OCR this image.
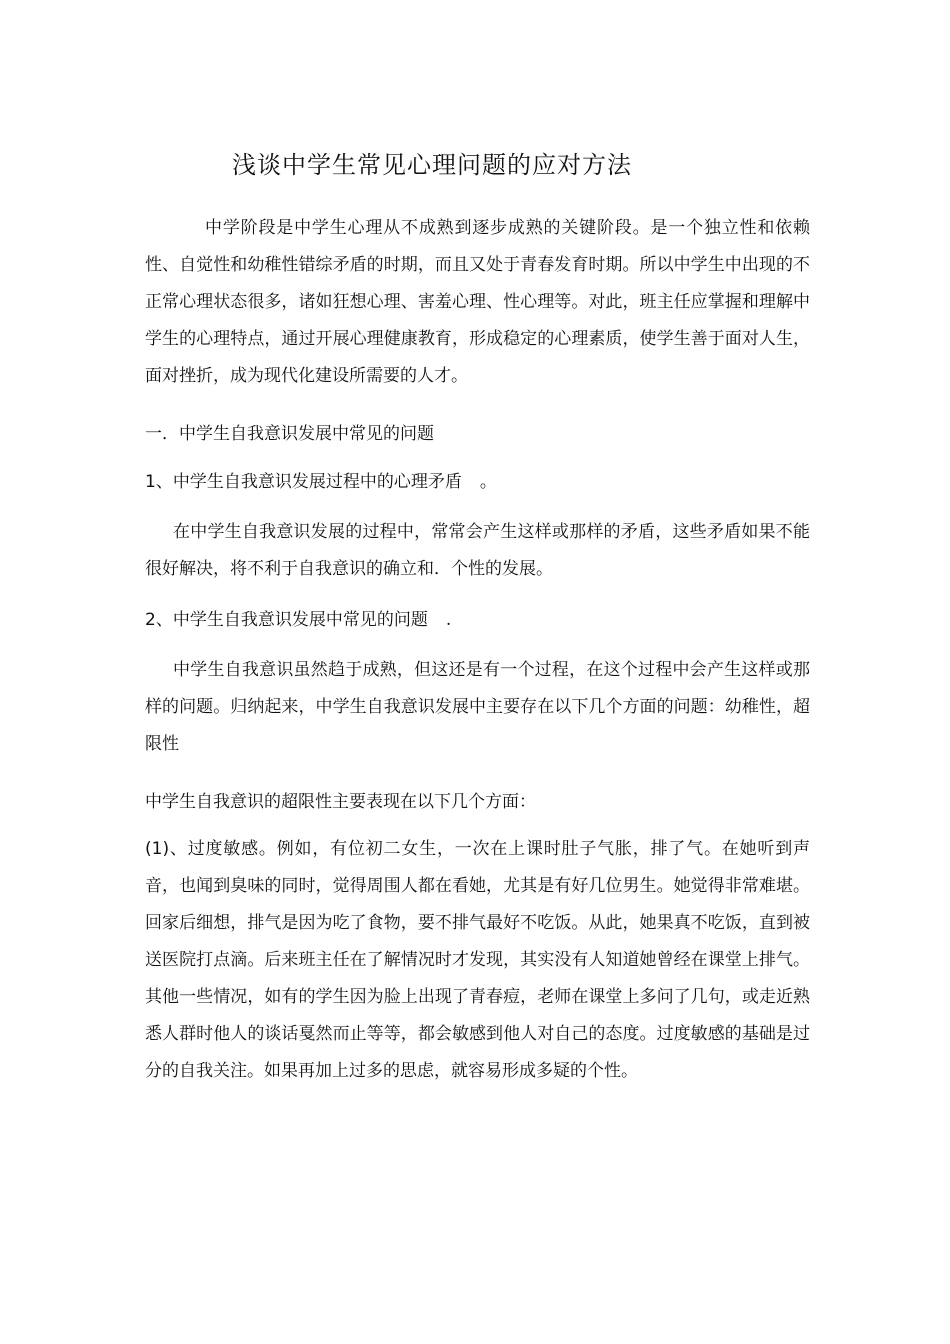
浅谈中学生常见心理问题的应对方法

中学阶段是中学生心理从不成熟到逐步成熟的关键阶段。是一个独立性和依赖性、自觉性和幼稚性错综矛盾的时期，而且又处于青春发育时期。所以中学生中出现的不正常心理状态很多，诸如狂想心理、害羞心理、性心理等。对此，班主任应掌握和理解中学生的心理特点，通过开展心理健康教育，形成稳定的心理素质，使学生善于面对人生，面对挫折，成为现代化建设所需要的人才。

一．中学生自我意识发展中常见的问题

1、中学生自我意识发展过程中的心理矛盾 。

在中学生自我意识发展的过程中，常常会产生这样或那样的矛盾，这些矛盾如果不能很好解决，将不利于自我意识的确立和．个性的发展。

2、中学生自我意识发展中常见的问题 .

中学生自我意识虽然趋于成熟，但这还是有一个过程，在这个过程中会产生这样或那样的问题。归纳起来，中学生自我意识发展中主要存在以下几个方面的问题：幼稚性，超限性

中学生自我意识的超限性主要表现在以下几个方面：

(1)、过度敏感。例如，有位初二女生，一次在上课时肚子气胀，排了气。在她听到声音，也闻到臭味的同时，觉得周围人都在看她，尤其是有好几位男生。她觉得非常难堪。回家后细想，排气是因为吃了食物，要不排气最好不吃饭。从此，她果真不吃饭，直到被送医院打点滴。后来班主任在了解情况时才发现，其实没有人知道她曾经在课堂上排气。其他一些情况，如有的学生因为脸上出现了青春痘，老师在课堂上多问了几句，或走近熟悉人群时他人的谈话戛然而止等等，都会敏感到他人对自己的态度。过度敏感的基础是过分的自我关注。如果再加上过多的思虑，就容易形成多疑的个性。
